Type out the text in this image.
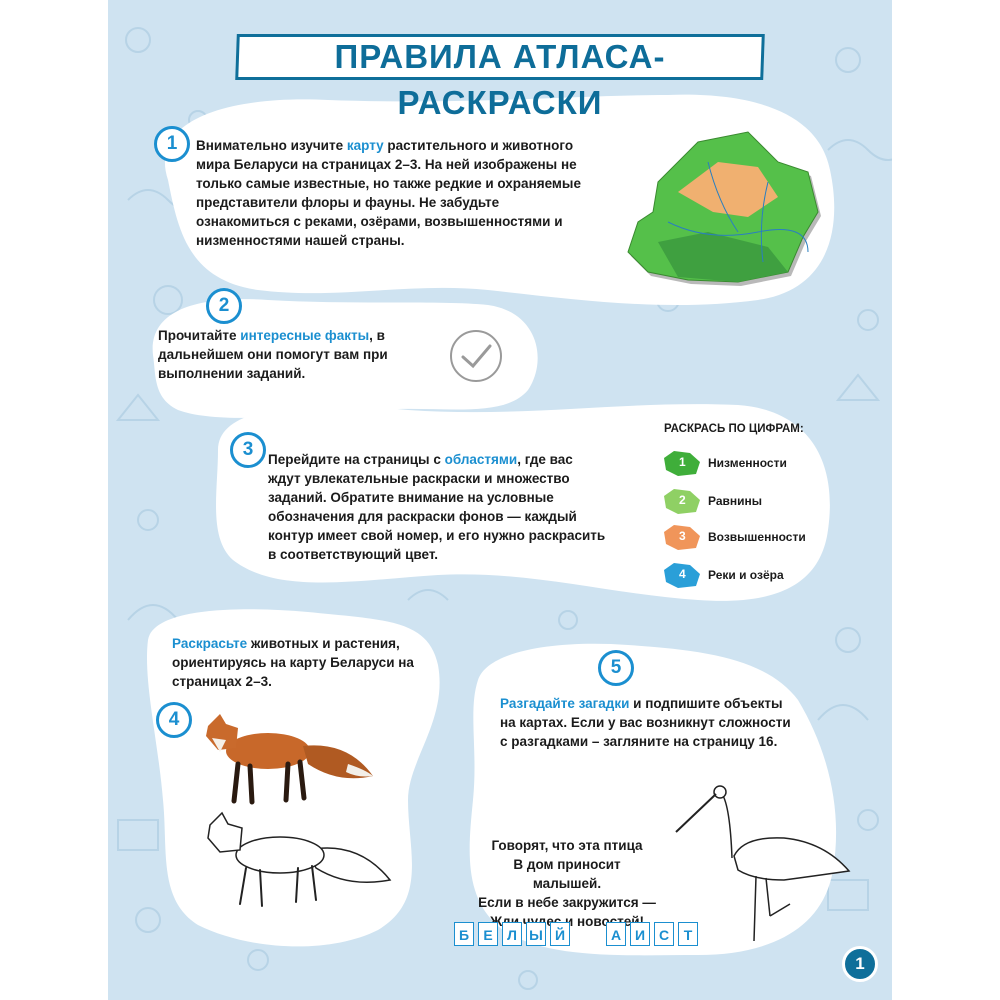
ПРАВИЛА АТЛАСА-РАСКРАСКИ
1	Внимательно изучите карту растительного и животного мира Беларуси на страницах 2–3. На ней изображены не только самые известные, но также редкие и охраняемые представители флоры и фауны. Не забудьте ознакомиться с реками, озёрами, возвышенностями и низменностями нашей страны.
2
Прочитайте интересные факты, в дальнейшем они помогут вам при выполнении заданий.
3	Перейдите на страницы с областями, где вас ждут увлекательные раскраски и множество заданий. Обратите внимание на условные обозначения для раскраски фонов — каждый контур имеет свой номер, и его нужно раскрасить в соответствующий цвет.
РАСКРАСЬ ПО ЦИФРАМ:
1 Низменности
2 Равнины
3 Возвышенности
4 Реки и озёра
Раскрасьте животных и растения, ориентируясь на карту Беларуси на страницах 2–3.
4
5
Разгадайте загадки и подпишите объекты на картах. Если у вас возникнут сложности с разгадками – загляните на страницу 16.
Говорят, что эта птица
В дом приносит малышей.
Если в небе закружится —
Б	Е	Л Ы Й	А И С	Т
1
